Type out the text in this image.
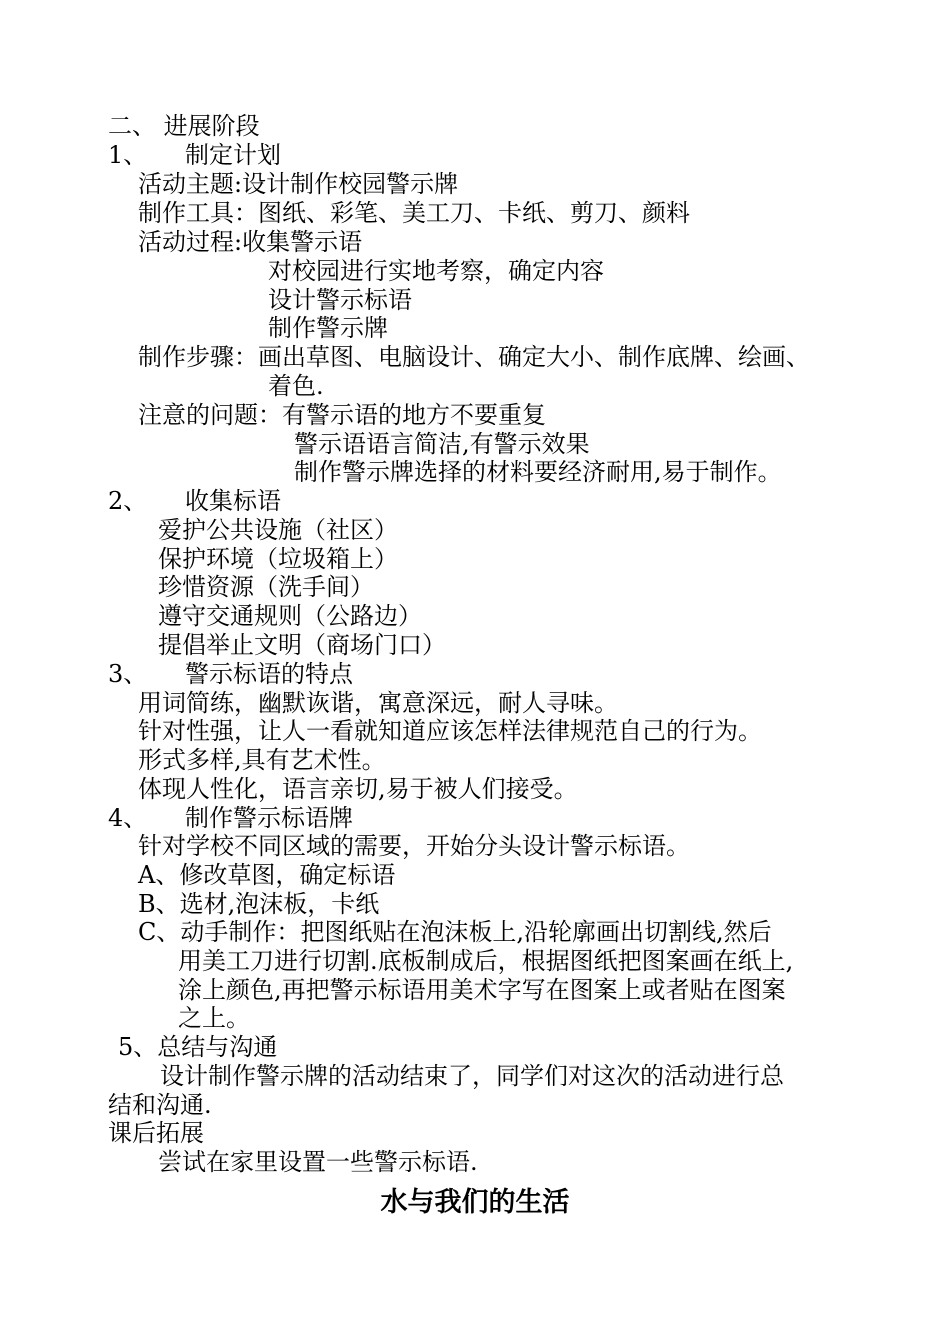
二、 进展阶段
1、 制定计划
活动主题:设计制作校园警示牌
制作工具：图纸、彩笔、美工刀、卡纸、剪刀、颜料
活动过程:收集警示语
对校园进行实地考察，确定内容
设计警示标语
制作警示牌
制作步骤：画出草图、电脑设计、确定大小、制作底牌、绘画、
着色.
注意的问题：有警示语的地方不要重复
警示语语言简洁,有警示效果
制作警示牌选择的材料要经济耐用,易于制作。
2、 收集标语
爱护公共设施（社区）
保护环境（垃圾箱上）
珍惜资源（洗手间）
遵守交通规则（公路边）
提倡举止文明（商场门口）
3、 警示标语的特点
用词简练，幽默诙谐，寓意深远，耐人寻味。
针对性强，让人一看就知道应该怎样法律规范自己的行为。
形式多样,具有艺术性。
体现人性化，语言亲切,易于被人们接受。
4、 制作警示标语牌
针对学校不同区域的需要，开始分头设计警示标语。
A、修改草图，确定标语
B、选材,泡沫板，卡纸
C、动手制作：把图纸贴在泡沫板上,沿轮廓画出切割线,然后
用美工刀进行切割.底板制成后，根据图纸把图案画在纸上,
涂上颜色,再把警示标语用美术字写在图案上或者贴在图案
之上。
5、总结与沟通
设计制作警示牌的活动结束了，同学们对这次的活动进行总
结和沟通.
课后拓展
尝试在家里设置一些警示标语.
水与我们的生活
